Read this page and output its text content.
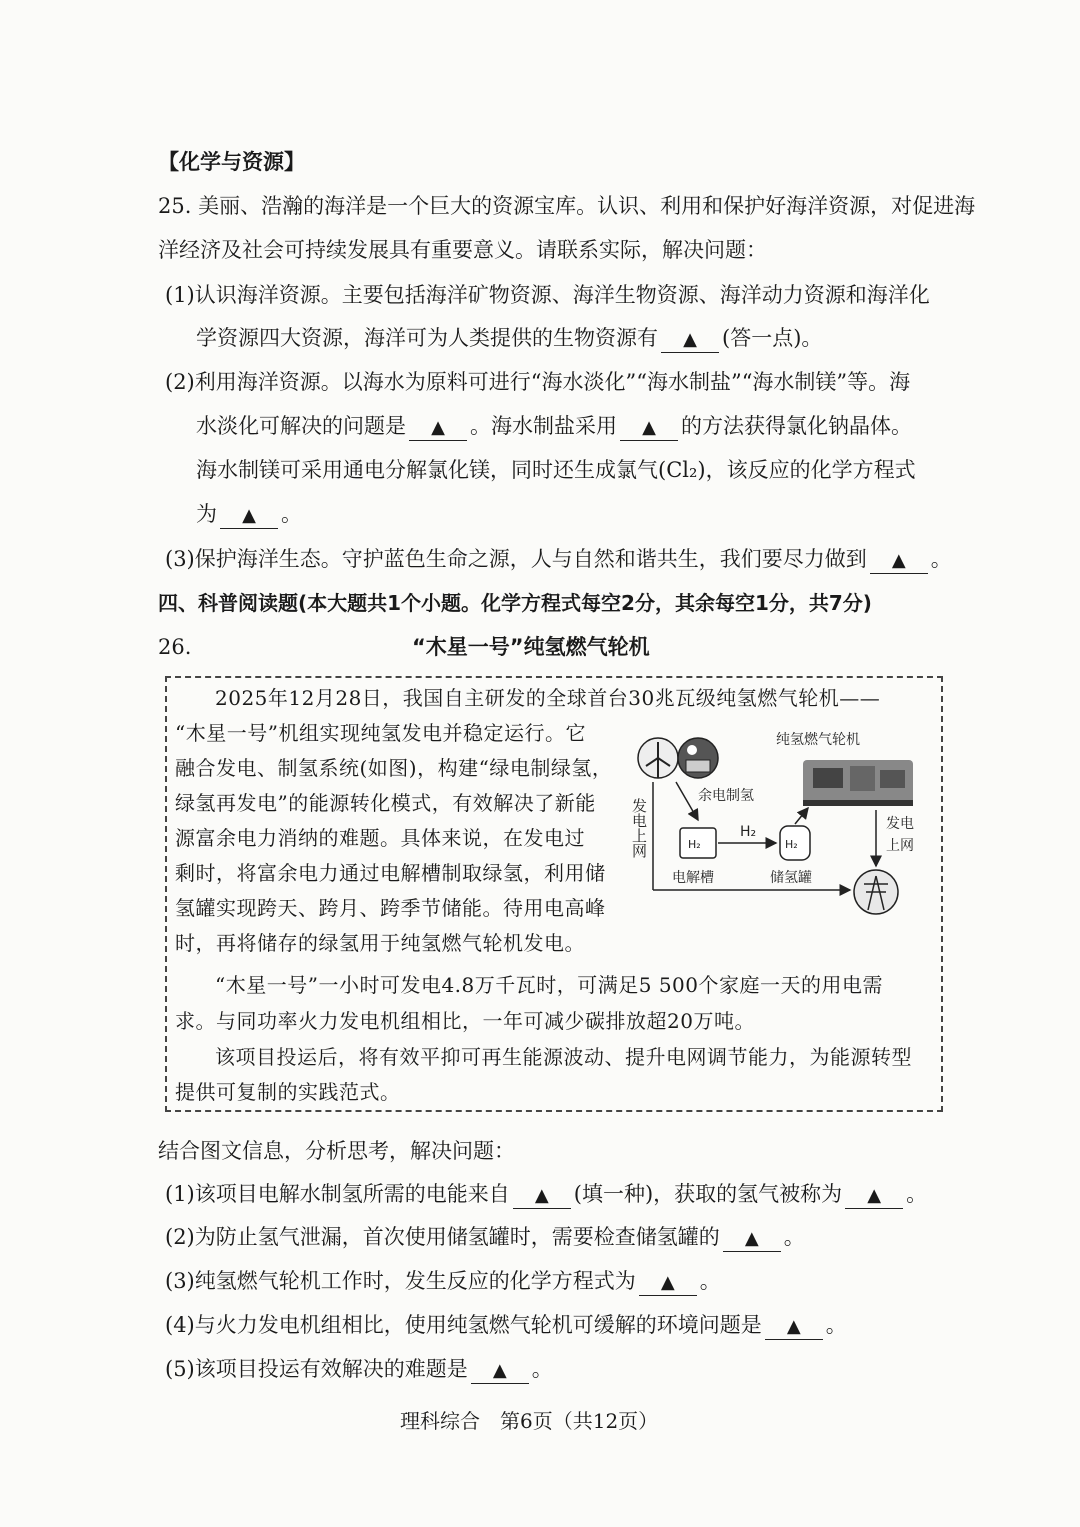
【化学与资源】
25. 美丽、浩瀚的海洋是一个巨大的资源宝库。认识、利用和保护好海洋资源，对促进海
洋经济及社会可持续发展具有重要意义。请联系实际，解决问题：
(1)认识海洋资源。主要包括海洋矿物资源、海洋生物资源、海洋动力资源和海洋化
学资源四大资源，海洋可为人类提供的生物资源有 ▲ (答一点)。
(2)利用海洋资源。以海水为原料可进行“海水淡化”“海水制盐”“海水制镁”等。海
水淡化可解决的问题是 ▲ 。海水制盐采用 ▲ 的方法获得氯化钠晶体。
海水制镁可采用通电分解氯化镁，同时还生成氯气(Cl₂)，该反应的化学方程式
为 ▲ 。
(3)保护海洋生态。守护蓝色生命之源，人与自然和谐共生，我们要尽力做到 ▲ 。
四、科普阅读题(本大题共1个小题。化学方程式每空2分，其余每空1分，共7分)
26.	“木星一号”纯氢燃气轮机
2025年12月28日，我国自主研发的全球首台30兆瓦级纯氢燃气轮机——
“木星一号”机组实现纯氢发电并稳定运行。它
融合发电、制氢系统(如图)，构建“绿电制绿氢，
绿氢再发电”的能源转化模式，有效解决了新能
源富余电力消纳的难题。具体来说，在发电过
剩时，将富余电力通过电解槽制取绿氢，利用储
氢罐实现跨天、跨月、跨季节储能。待用电高峰
时，再将储存的绿氢用于纯氢燃气轮机发电。
“木星一号”一小时可发电4.8万千瓦时，可满足5 500个家庭一天的用电需
求。与同功率火力发电机组相比，一年可减少碳排放超20万吨。
该项目投运后，将有效平抑可再生能源波动、提升电网调节能力，为能源转型
提供可复制的实践范式。
纯氢燃气轮机
余电制氢
H₂
电解槽
H₂
H₂
储氢罐
发电
上网
发电上网
结合图文信息，分析思考，解决问题：
(1)该项目电解水制氢所需的电能来自 ▲ (填一种)，获取的氢气被称为 ▲ 。
(2)为防止氢气泄漏，首次使用储氢罐时，需要检查储氢罐的 ▲ 。
(3)纯氢燃气轮机工作时，发生反应的化学方程式为 ▲ 。
(4)与火力发电机组相比，使用纯氢燃气轮机可缓解的环境问题是 ▲ 。
(5)该项目投运有效解决的难题是 ▲ 。
理科综合　第6页（共12页）
